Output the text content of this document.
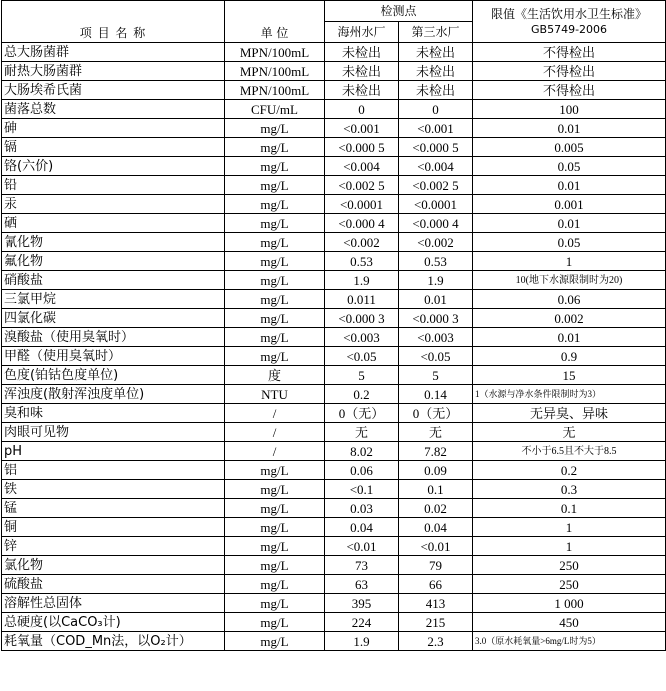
项 目 名 称	单 位	检测点		限值《生活饮用水卫生标准》
GB5749-2006

		海州水厂	第三水厂	
总大肠菌群	MPN/100mL	未检出	未检出	不得检出
耐热大肠菌群	MPN/100mL	未检出	未检出	不得检出
大肠埃希氏菌	MPN/100mL	未检出	未检出	不得检出
菌落总数	CFU/mL	0	0	100
砷	mg/L	<0.001	<0.001	0.01
镉	mg/L	<0.000 5	<0.000 5	0.005
铬(六价)	mg/L	<0.004	<0.004	0.05
铅	mg/L	<0.002 5	<0.002 5	0.01
汞	mg/L	<0.0001	<0.0001	0.001
硒	mg/L	<0.000 4	<0.000 4	0.01
氰化物	mg/L	<0.002	<0.002	0.05
氟化物	mg/L	0.53	0.53	1
硝酸盐	mg/L	1.9	1.9	10(地下水源限制时为20)
三氯甲烷	mg/L	0.011	0.01	0.06
四氯化碳	mg/L	<0.000 3	<0.000 3	0.002
溴酸盐（使用臭氧时）	mg/L	<0.003	<0.003	0.01
甲醛（使用臭氧时）	mg/L	<0.05	<0.05	0.9
色度(铂钴色度单位)	度	5	5	15
浑浊度(散射浑浊度单位)	NTU	0.2	0.14	1（水源与净水条件限制时为3）
臭和味	/	0（无）	0（无）	无异臭、异味
肉眼可见物	/	无	无	无
pH	/	8.02	7.82	不小于6.5且不大于8.5
铝	mg/L	0.06	0.09	0.2
铁	mg/L	<0.1	0.1	0.3
锰	mg/L	0.03	0.02	0.1
铜	mg/L	0.04	0.04	1
锌	mg/L	<0.01	<0.01	1
氯化物	mg/L	73	79	250
硫酸盐	mg/L	63	66	250
溶解性总固体	mg/L	395	413	1 000
总硬度(以CaCO₃计)	mg/L	224	215	450
耗氧量（COD_Mn法，以O₂计）	mg/L	1.9	2.3	3.0（原水耗氧量>6mg/L时为5）
